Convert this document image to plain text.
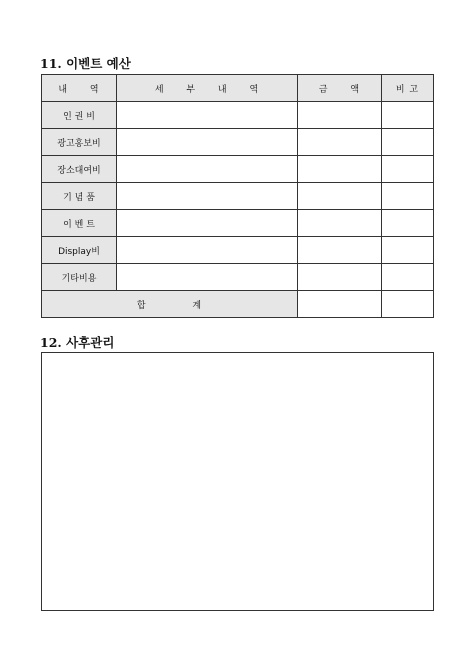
11. 이벤트 예산
내 역	세 부 내 역	금 액	비 고
인 권 비			
광고홍보비			
장소대여비			
기 념 품			
이 벤 트			
Display비			
기타비용			
합 계			
12. 사후관리
